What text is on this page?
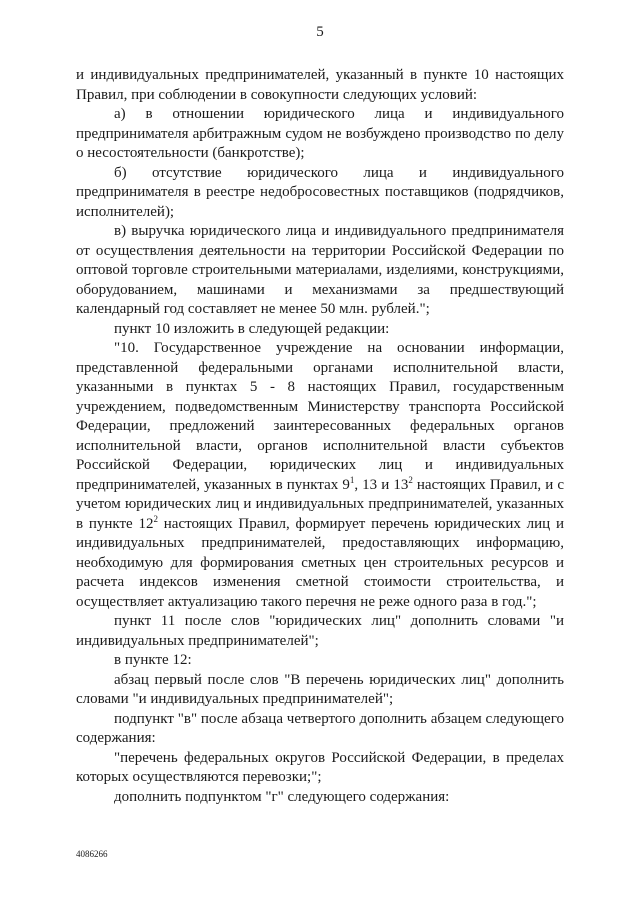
5

и индивидуальных предпринимателей, указанный в пункте 10 настоящих Правил, при соблюдении в совокупности следующих условий:

а) в отношении юридического лица и индивидуального предпринимателя арбитражным судом не возбуждено производство по делу о несостоятельности (банкротстве);

б) отсутствие юридического лица и индивидуального предпринимателя в реестре недобросовестных поставщиков (подрядчиков, исполнителей);

в) выручка юридического лица и индивидуального предпринимателя от осуществления деятельности на территории Российской Федерации по оптовой торговле строительными материалами, изделиями, конструкциями, оборудованием, машинами и механизмами за предшествующий календарный год составляет не менее 50 млн. рублей.";

пункт 10 изложить в следующей редакции:

"10. Государственное учреждение на основании информации, представленной федеральными органами исполнительной власти, указанными в пунктах 5 - 8 настоящих Правил, государственным учреждением, подведомственным Министерству транспорта Российской Федерации, предложений заинтересованных федеральных органов исполнительной власти, органов исполнительной власти субъектов Российской Федерации, юридических лиц и индивидуальных предпринимателей, указанных в пунктах $9^1$, 13 и $13^2$ настоящих Правил, и с учетом юридических лиц и индивидуальных предпринимателей, указанных в пункте $12^2$ настоящих Правил, формирует перечень юридических лиц и индивидуальных предпринимателей, предоставляющих информацию, необходимую для формирования сметных цен строительных ресурсов и расчета индексов изменения сметной стоимости строительства, и осуществляет актуализацию такого перечня не реже одного раза в год.";

пункт 11 после слов "юридических лиц" дополнить словами "и индивидуальных предпринимателей";

в пункте 12:

абзац первый после слов "В перечень юридических лиц" дополнить словами "и индивидуальных предпринимателей";

подпункт "в" после абзаца четвертого дополнить абзацем следующего содержания:

"перечень федеральных округов Российской Федерации, в пределах которых осуществляются перевозки;";

дополнить подпунктом "г" следующего содержания:

4086266
